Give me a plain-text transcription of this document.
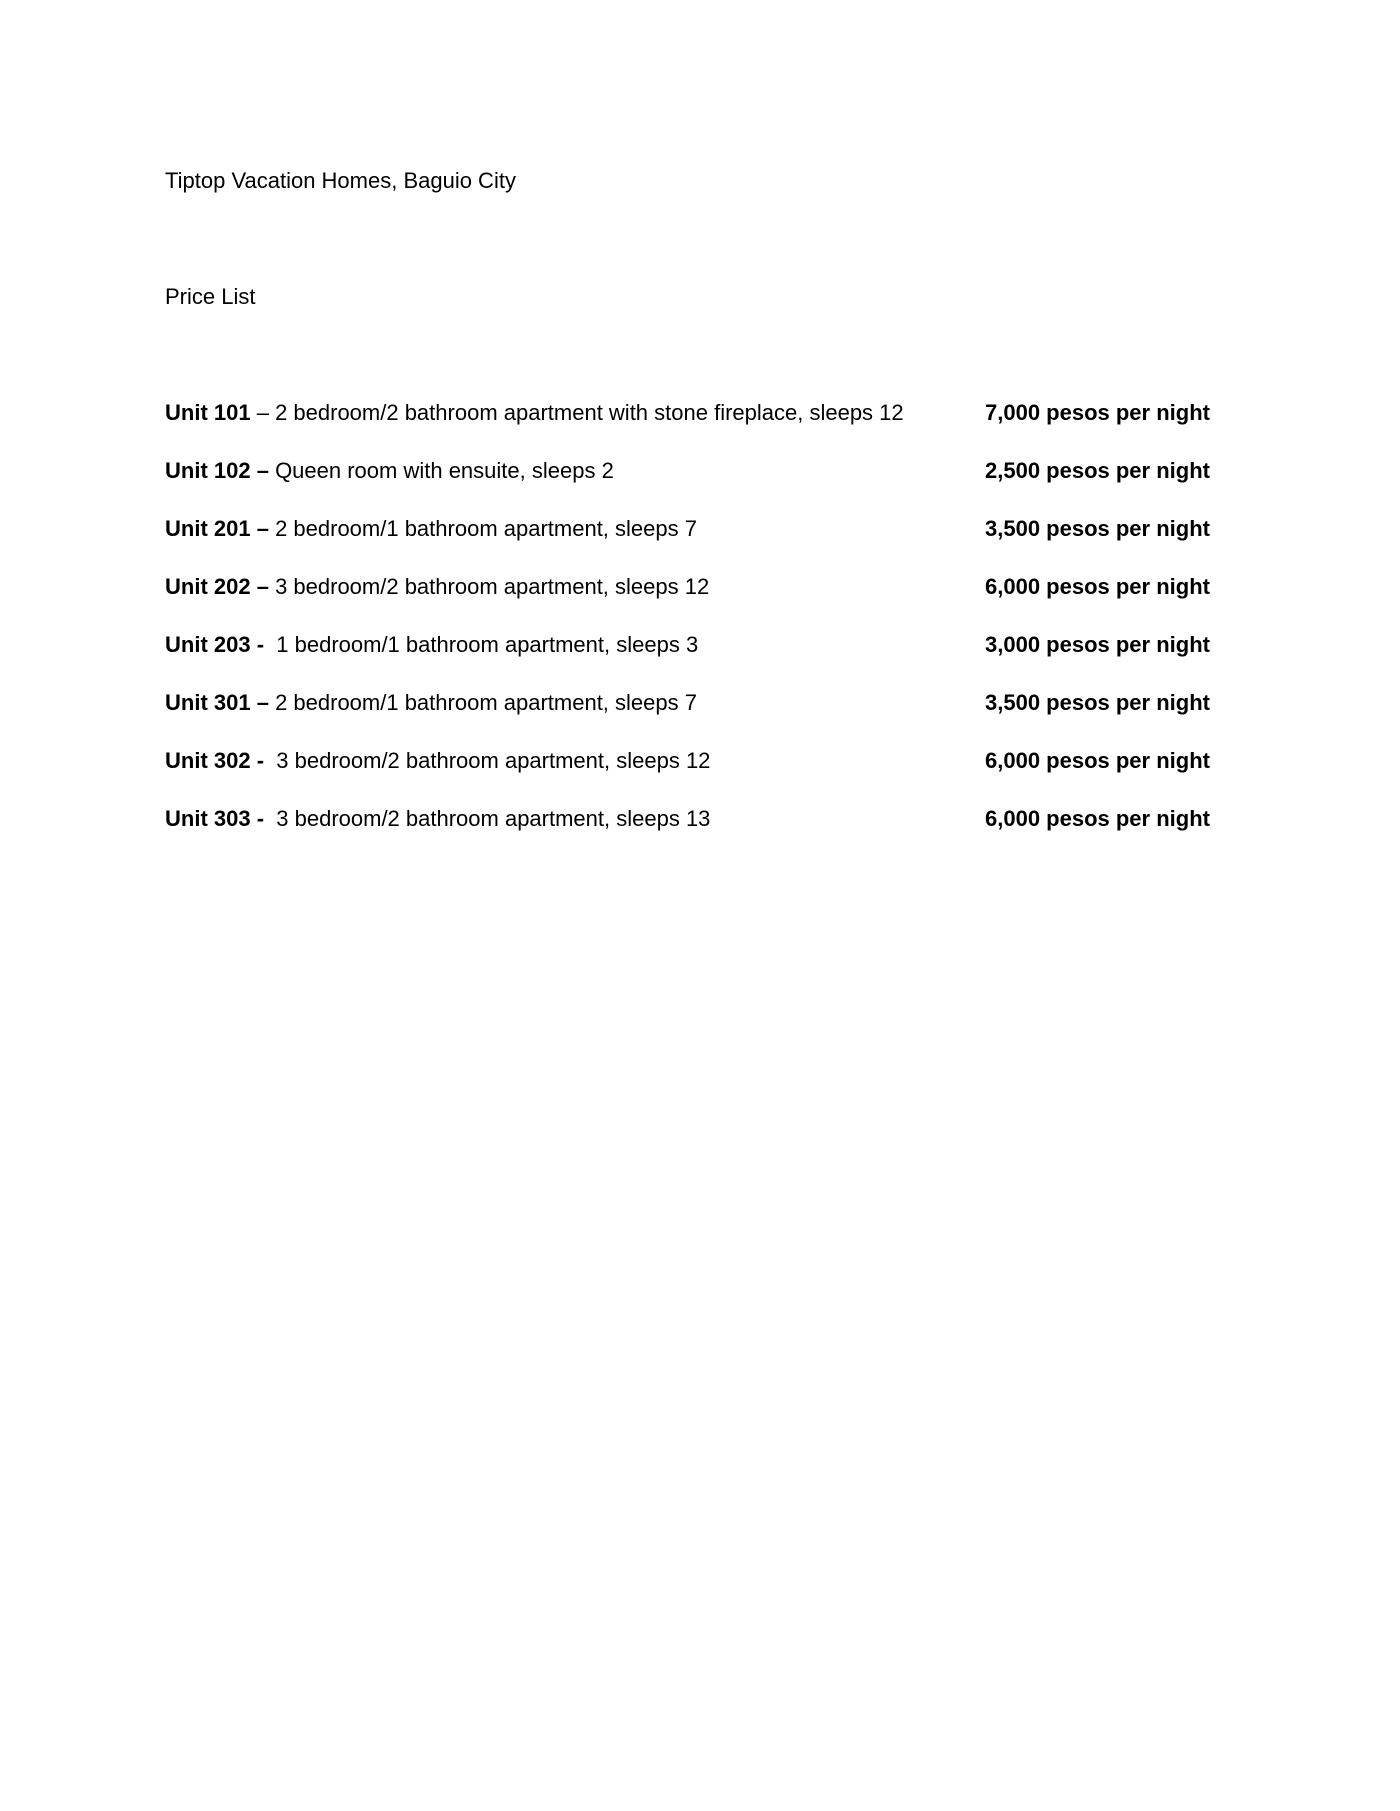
Tiptop Vacation Homes, Baguio City
Price List
Unit 101 – 2 bedroom/2 bathroom apartment with stone fireplace, sleeps 12	7,000 pesos per night
Unit 102 – Queen room with ensuite, sleeps 2	2,500 pesos per night
Unit 201 – 2 bedroom/1 bathroom apartment, sleeps 7	3,500 pesos per night
Unit 202 – 3 bedroom/2 bathroom apartment, sleeps 12	6,000 pesos per night
Unit 203 - 1 bedroom/1 bathroom apartment, sleeps 3	3,000 pesos per night
Unit 301 – 2 bedroom/1 bathroom apartment, sleeps 7	3,500 pesos per night
Unit 302 - 3 bedroom/2 bathroom apartment, sleeps 12	6,000 pesos per night
Unit 303 - 3 bedroom/2 bathroom apartment, sleeps 13	6,000 pesos per night
